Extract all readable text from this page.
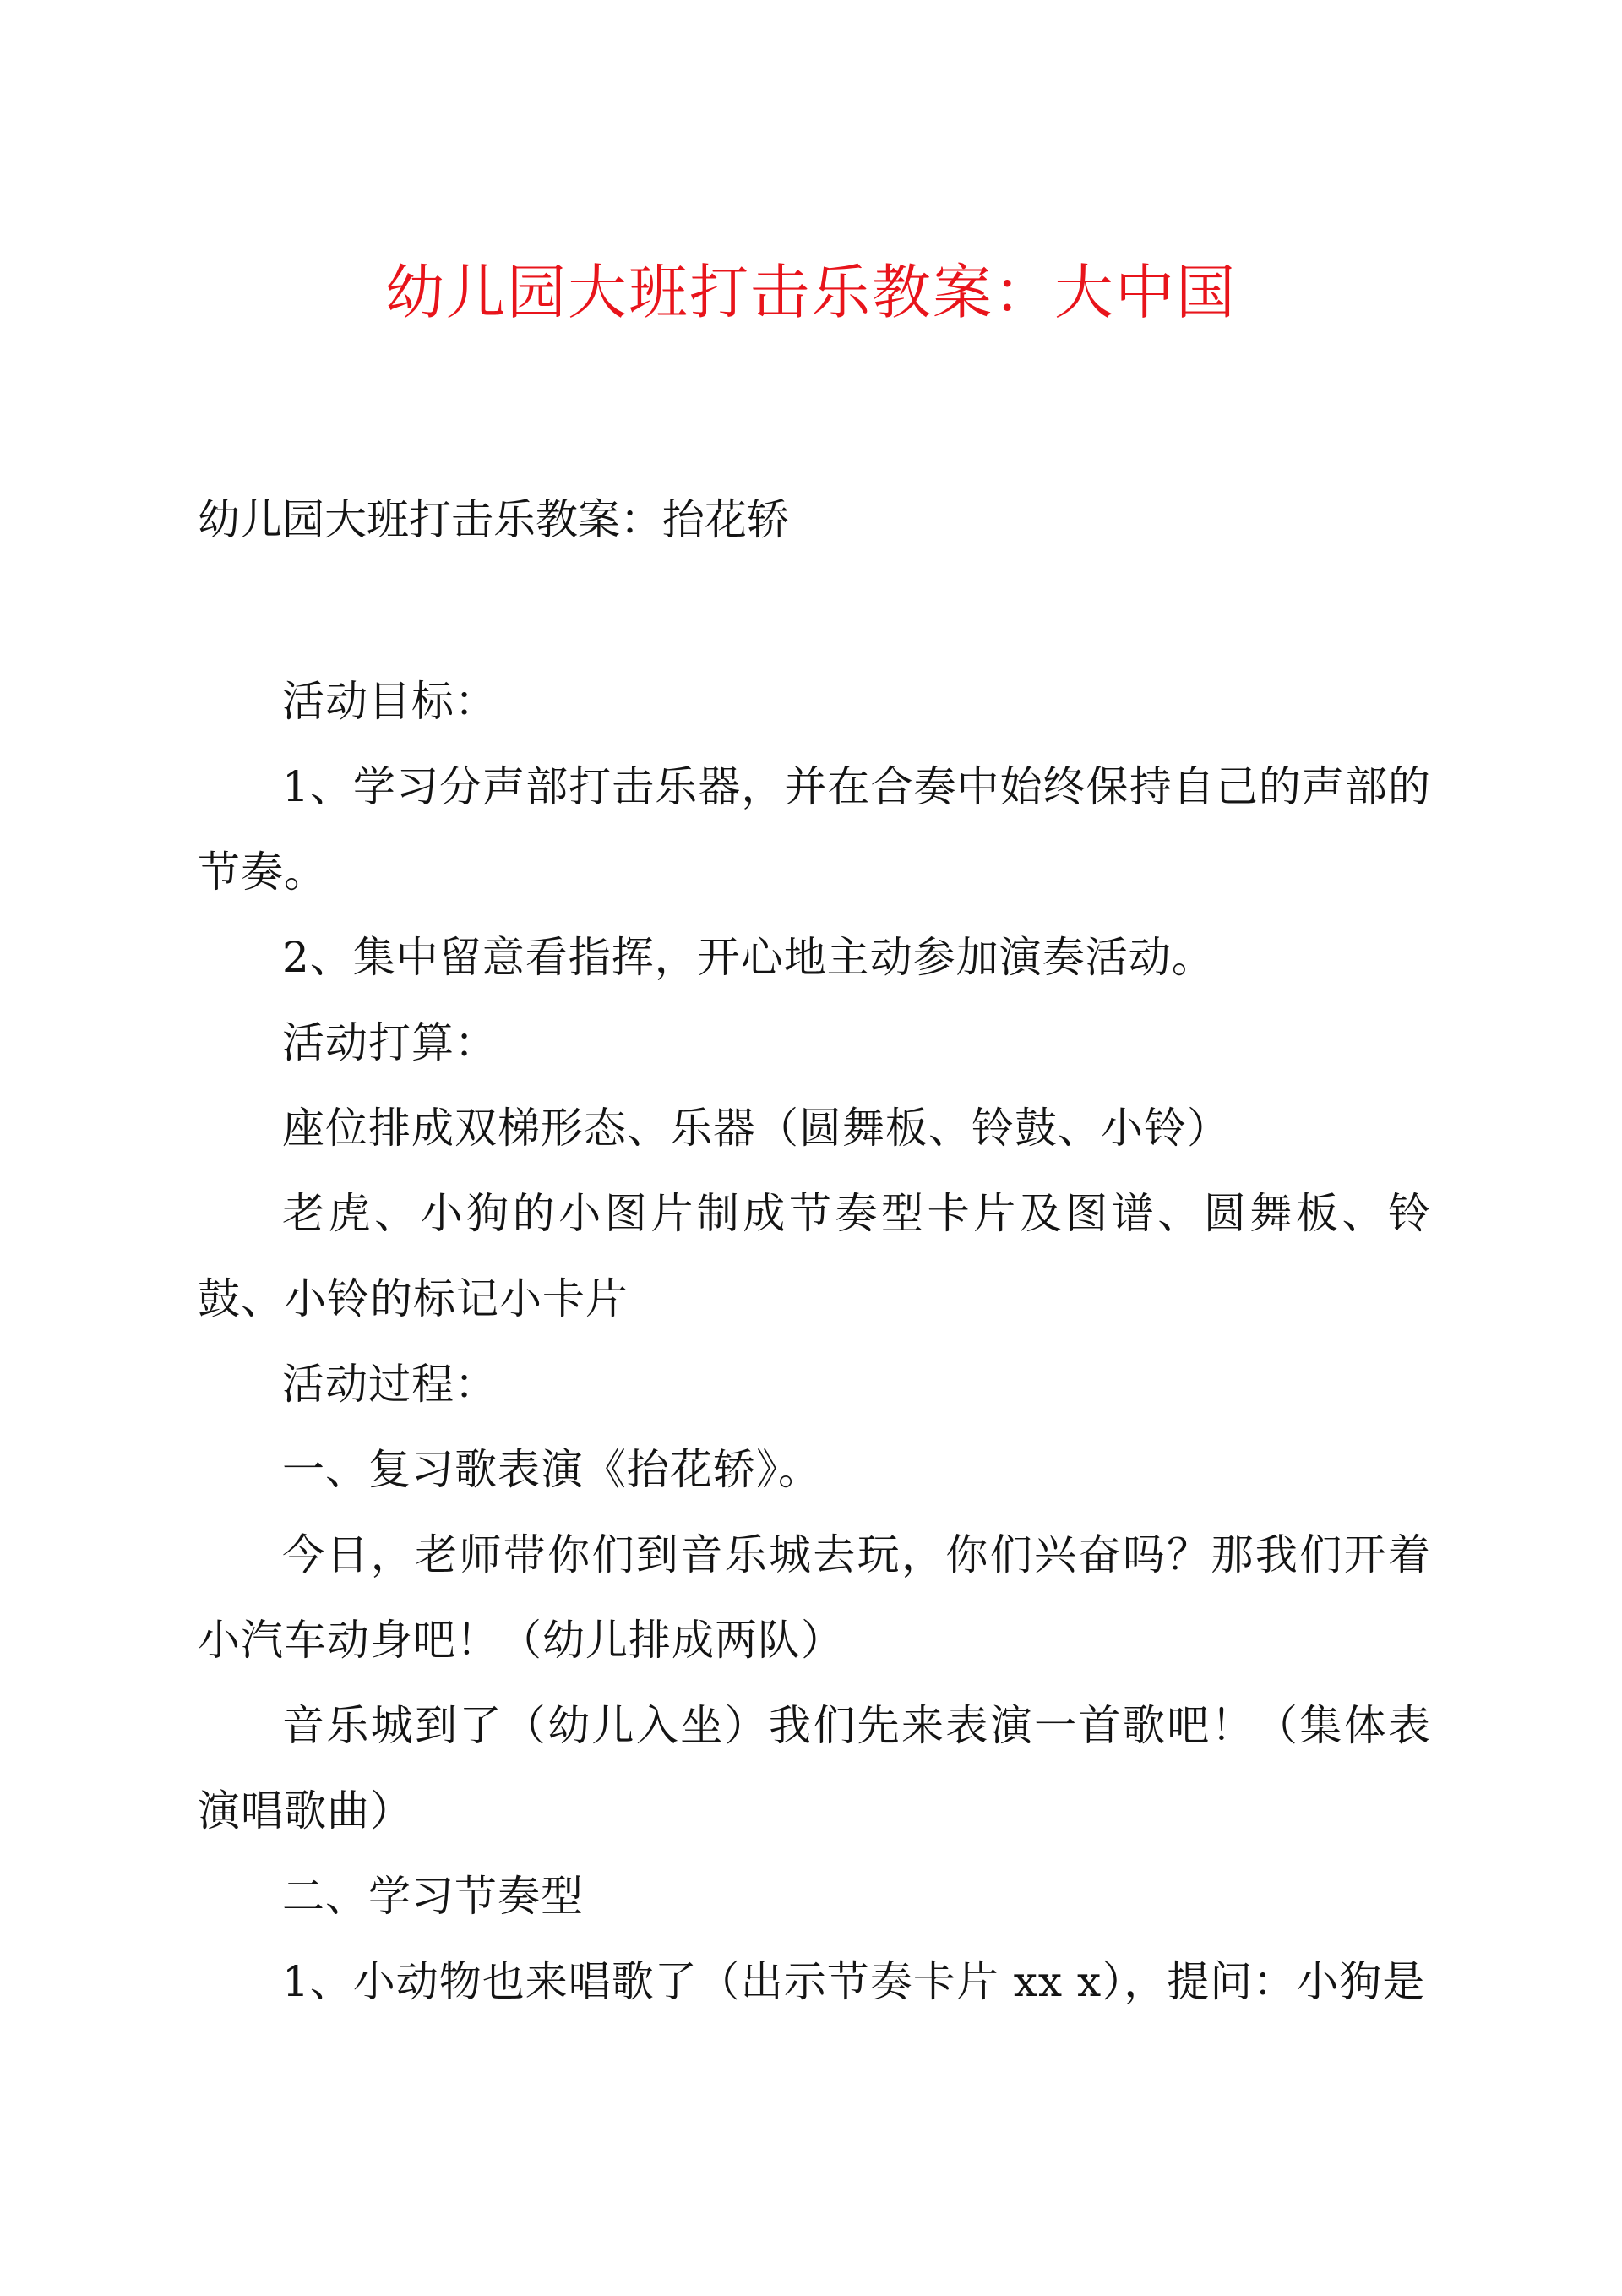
幼儿园大班打击乐教案：大中国
幼儿园大班打击乐教案：抬花轿

活动目标：

1、学习分声部打击乐器，并在合奏中始终保持自己的声部的节奏。

2、集中留意看指挥，开心地主动参加演奏活动。

活动打算：

座位排成双梯形态、乐器（圆舞板、铃鼓、小铃）

老虎、小狗的小图片制成节奏型卡片及图谱、圆舞板、铃鼓、小铃的标记小卡片

活动过程：

一、复习歌表演《抬花轿》。

今日，老师带你们到音乐城去玩，你们兴奋吗？那我们开着小汽车动身吧！（幼儿排成两队）

音乐城到了（幼儿入坐）我们先来表演一首歌吧！（集体表演唱歌曲）

二、学习节奏型

1、小动物也来唱歌了（出示节奏卡片 xx x），提问：小狗是
